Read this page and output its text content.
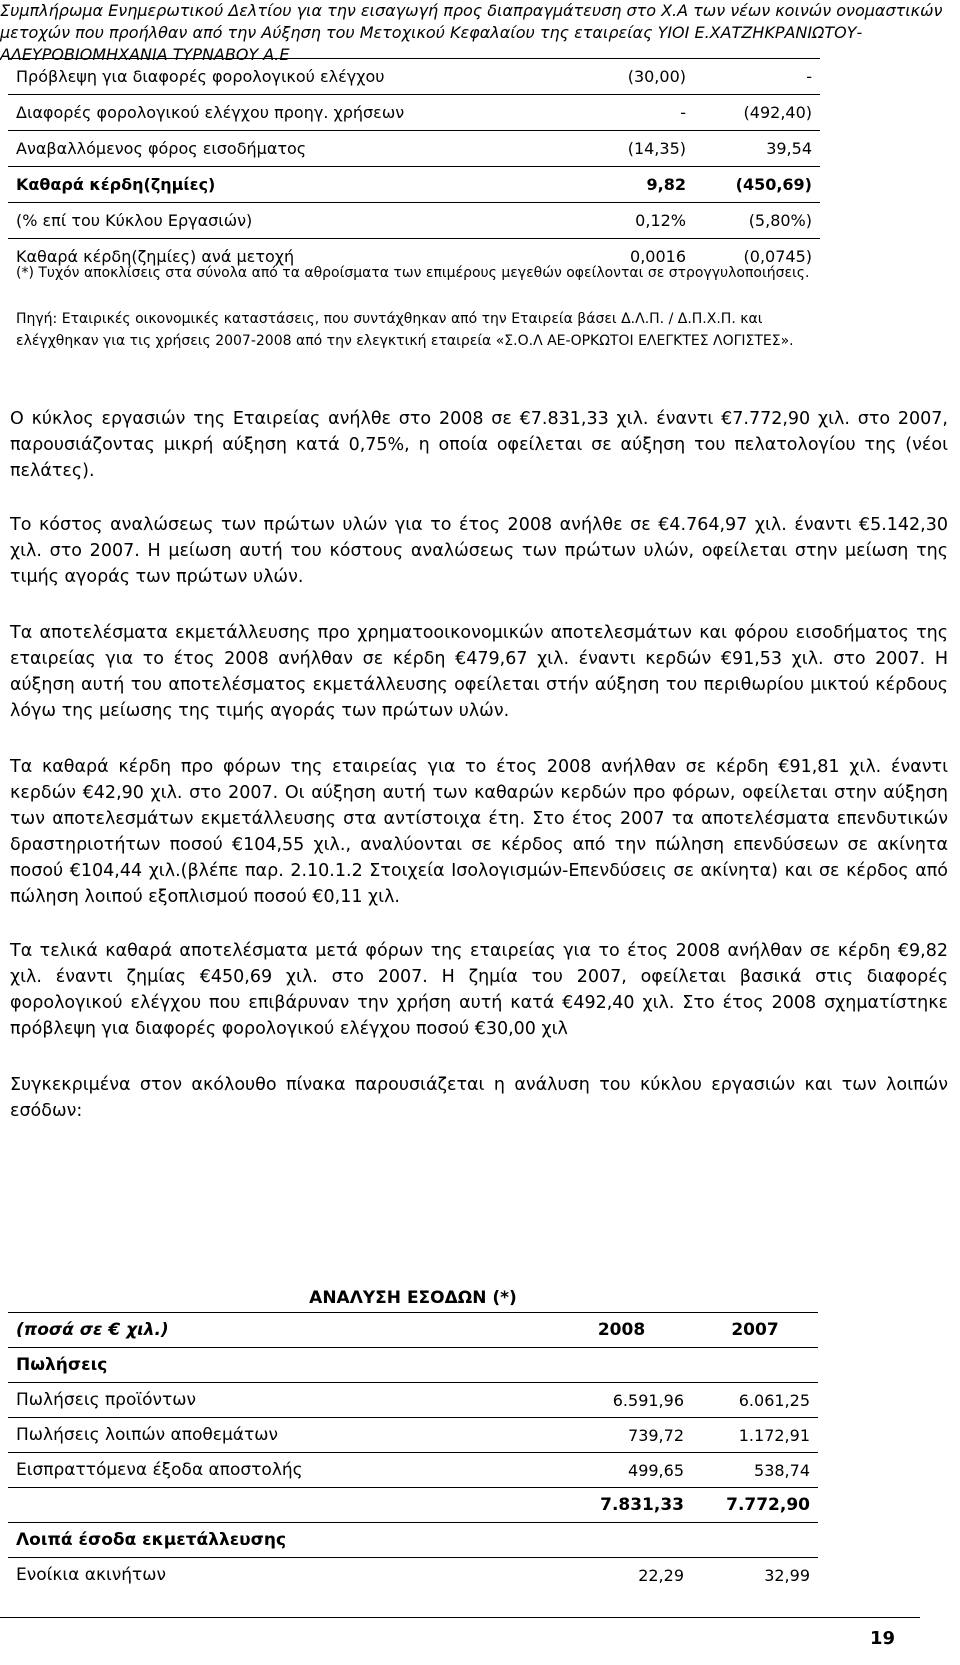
Συμπλήρωμα Ενημερωτικού Δελτίου για την εισαγωγή προς διαπραγμάτευση στο Χ.Α των νέων κοινών ονομαστικών
μετοχών που προήλθαν από την Αύξηση του Μετοχικού Κεφαλαίου της εταιρείας ΥΙΟΙ Ε.ΧΑΤΖΗΚΡΑΝΙΩΤΟΥ-
ΑΛΕΥΡΟΒΙΟΜΗΧΑΝΙΑ ΤΥΡΝΑΒΟΥ Α.Ε
Πρόβλεψη για διαφορές φορολογικού ελέγχου	(30,00)	-
Διαφορές φορολογικού ελέγχου προηγ. χρήσεων	-	(492,40)
Αναβαλλόμενος φόρος εισοδήματος	(14,35)	39,54
Καθαρά κέρδη(ζημίες)	9,82	(450,69)
(% επί του Κύκλου Εργασιών)	0,12%	(5,80%)
Καθαρά κέρδη(ζημίες) ανά μετοχή	0,0016	(0,0745)
(*) Τυχόν αποκλίσεις στα σύνολα από τα αθροίσματα των επιμέρους μεγεθών οφείλονται σε στρογγυλοποιήσεις.
Πηγή: Εταιρικές οικονομικές καταστάσεις, που συντάχθηκαν από την Εταιρεία βάσει Δ.Λ.Π. / Δ.Π.Χ.Π. και ελέγχθηκαν για τις χρήσεις 2007-2008 από την ελεγκτική εταιρεία «Σ.Ο.Λ ΑΕ-ΟΡΚΩΤΟΙ ΕΛΕΓΚΤΕΣ ΛΟΓΙΣΤΕΣ».
Ο κύκλος εργασιών της Εταιρείας ανήλθε στο 2008 σε €7.831,33 χιλ. έναντι €7.772,90 χιλ. στο 2007, παρουσιάζοντας μικρή αύξηση κατά 0,75%, η οποία οφείλεται σε αύξηση του πελατολογίου της (νέοι πελάτες).
Το κόστος αναλώσεως των πρώτων υλών για το έτος 2008 ανήλθε σε €4.764,97 χιλ. έναντι €5.142,30 χιλ. στο 2007. Η μείωση αυτή του κόστους αναλώσεως των πρώτων υλών, οφείλεται στην μείωση της τιμής αγοράς των πρώτων υλών.
Τα αποτελέσματα εκμετάλλευσης προ χρηματοοικονομικών αποτελεσμάτων και φόρου εισοδήματος της εταιρείας για το έτος 2008 ανήλθαν σε κέρδη €479,67 χιλ. έναντι κερδών €91,53 χιλ. στο 2007. Η αύξηση αυτή του αποτελέσματος εκμετάλλευσης οφείλεται στήν αύξηση του περιθωρίου μικτού κέρδους λόγω της μείωσης της τιμής αγοράς των πρώτων υλών.
Τα καθαρά κέρδη προ φόρων της εταιρείας για το έτος 2008 ανήλθαν σε κέρδη €91,81 χιλ. έναντι κερδών €42,90 χιλ. στο 2007. Οι αύξηση αυτή των καθαρών κερδών προ φόρων, οφείλεται στην αύξηση των αποτελεσμάτων εκμετάλλευσης στα αντίστοιχα έτη. Στο έτος 2007 τα αποτελέσματα επενδυτικών δραστηριοτήτων ποσού €104,55 χιλ., αναλύονται σε κέρδος από την πώληση επενδύσεων σε ακίνητα ποσού €104,44 χιλ.(βλέπε παρ. 2.10.1.2 Στοιχεία Ισολογισμών-Επενδύσεις σε ακίνητα) και σε κέρδος από πώληση λοιπού εξοπλισμού ποσού €0,11 χιλ.
Τα τελικά καθαρά αποτελέσματα μετά φόρων της εταιρείας για το έτος 2008 ανήλθαν σε κέρδη €9,82 χιλ. έναντι ζημίας €450,69 χιλ. στο 2007. Η ζημία του 2007, οφείλεται βασικά στις διαφορές φορολογικού ελέγχου που επιβάρυναν την χρήση αυτή κατά €492,40 χιλ. Στο έτος 2008 σχηματίστηκε πρόβλεψη για διαφορές φορολογικού ελέγχου ποσού €30,00 χιλ
Συγκεκριμένα στον ακόλουθο πίνακα παρουσιάζεται η ανάλυση του κύκλου εργασιών και των λοιπών εσόδων:
ΑΝΑΛΥΣΗ ΕΣΟΔΩΝ (*)
(ποσά σε € χιλ.)	2008	2007
Πωλήσεις		
Πωλήσεις προϊόντων	6.591,96	6.061,25
Πωλήσεις λοιπών αποθεμάτων	739,72	1.172,91
Εισπραττόμενα έξοδα αποστολής	499,65	538,74
	7.831,33	7.772,90
Λοιπά έσοδα εκμετάλλευσης		
Ενοίκια ακινήτων	22,29	32,99
19
